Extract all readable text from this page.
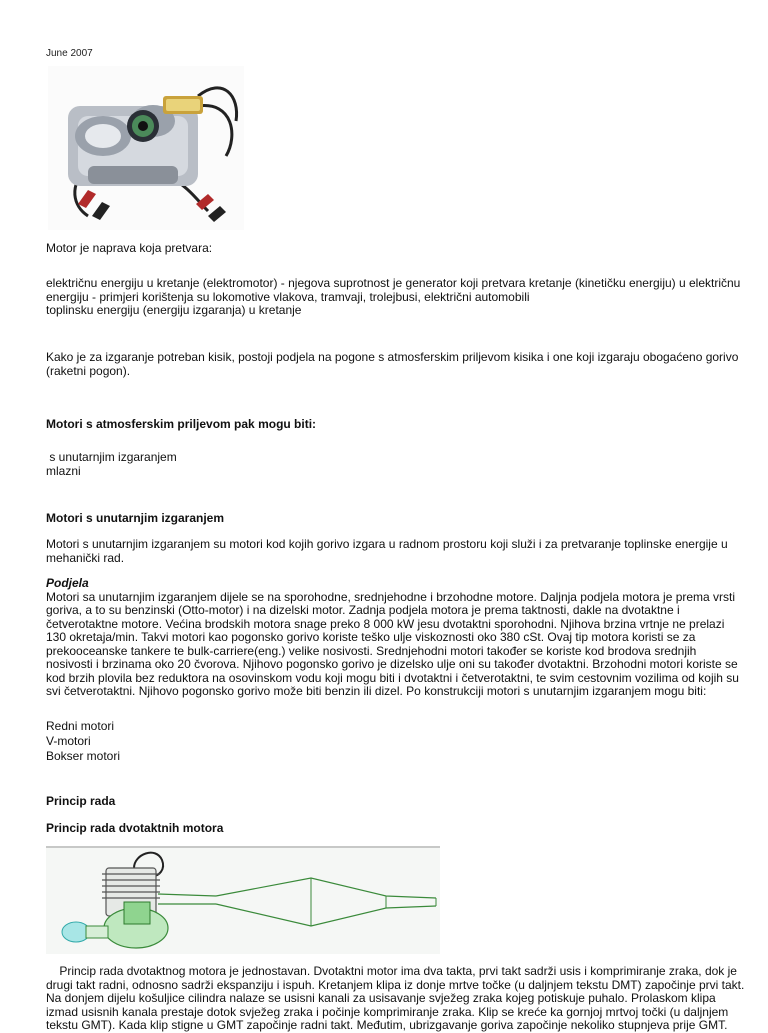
June 2007

Motor je naprava koja pretvara:

električnu energiju u kretanje (elektromotor) - njegova suprotnost je generator koji pretvara kretanje (kinetičku energiju) u električnu
energiju - primjeri korištenja su lokomotive vlakova, tramvaji, trolejbusi, električni automobili
toplinsku energiju (energiju izgaranja) u kretanje

Kako je za izgaranje potreban kisik, postoji podjela na pogone s atmosferskim priljevom kisika i one koji izgaraju obogaćeno gorivo
(raketni pogon).

Motori s atmosferskim priljevom pak mogu biti:

s unutarnjim izgaranjem
mlazni

Motori s unutarnjim izgaranjem

Motori s unutarnjim izgaranjem su motori kod kojih gorivo izgara u radnom prostoru koji služi i za pretvaranje toplinske energije u
mehanički rad.

Podjela
Motori sa unutarnjim izgaranjem dijele se na sporohodne, srednjehodne i brzohodne motore. Daljnja podjela motora je prema vrsti
goriva, a to su benzinski (Otto-motor) i na dizelski motor. Zadnja podjela motora je prema taktnosti, dakle na dvotaktne i
četverotaktne motore. Većina brodskih motora snage preko 8 000 kW jesu dvotaktni sporohodni. Njihova brzina vrtnje ne prelazi
130 okretaja/min. Takvi motori kao pogonsko gorivo koriste teško ulje viskoznosti oko 380 cSt. Ovaj tip motora koristi se za
prekooceanske tankere te bulk-carriere(eng.) velike nosivosti. Srednjehodni motori također se koriste kod brodova srednjih
nosivosti i brzinama oko 20 čvorova. Njihovo pogonsko gorivo je dizelsko ulje oni su također dvotaktni. Brzohodni motori koriste se
kod brzih plovila bez reduktora na osovinskom vodu koji mogu biti i dvotaktni i četverotaktni, te svim cestovnim vozilima od kojih su
svi četverotaktni. Njihovo pogonsko gorivo može biti benzin ili dizel. Po konstrukciji motori s unutarnjim izgaranjem mogu biti:

Redni motori
V-motori
Bokser motori

Princip rada

Princip rada dvotaktnih motora

Princip rada dvotaktnog motora je jednostavan. Dvotaktni motor ima dva takta, prvi takt sadrži usis i komprimiranje zraka, dok je
drugi takt radni, odnosno sadrži ekspanziju i ispuh. Kretanjem klipa iz donje mrtve točke (u daljnjem tekstu DMT) započinje prvi takt.
Na donjem dijelu košuljice cilindra nalaze se usisni kanali za usisavanje svježeg zraka kojeg potiskuje puhalo. Prolaskom klipa
izmad usisnih kanala prestaje dotok svježeg zraka i počinje komprimiranje zraka. Klip se kreće ka gornjoj mrtvoj točki (u daljnjem
tekstu GMT). Kada klip stigne u GMT započinje radni takt. Međutim, ubrizgavanje goriva započinje nekoliko stupnjeva prije GMT.
